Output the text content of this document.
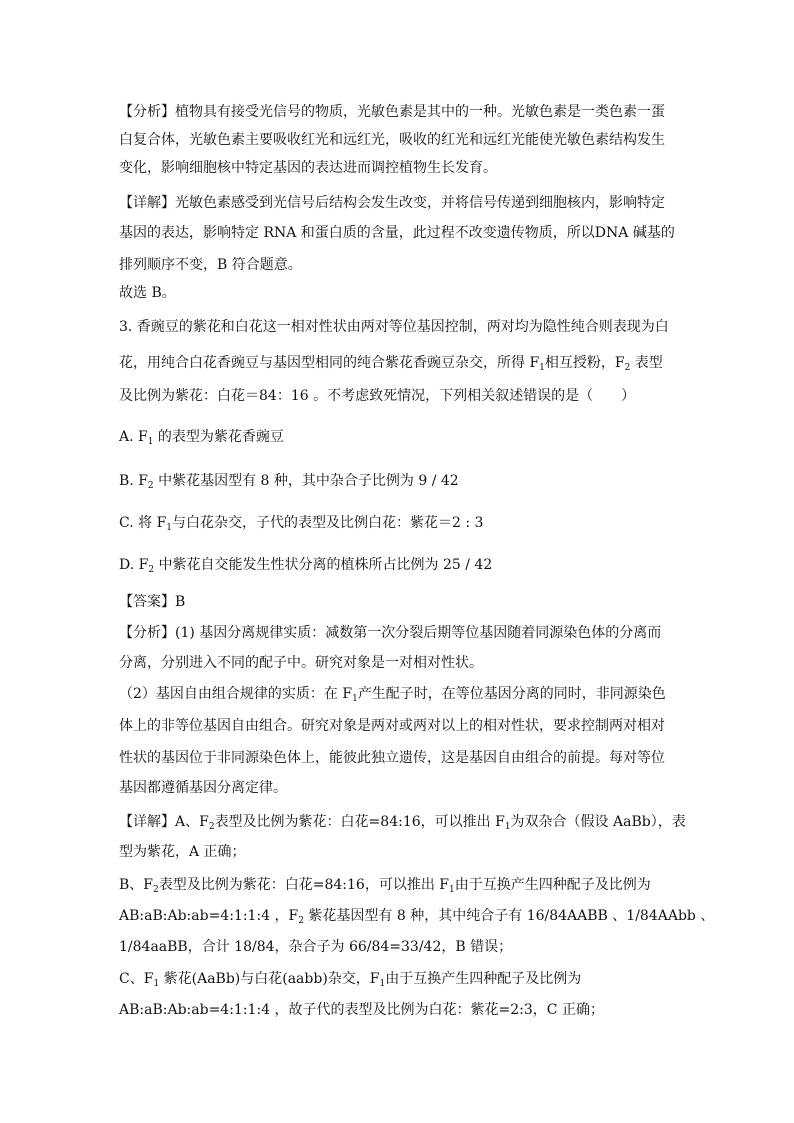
【分析】植物具有接受光信号的物质，光敏色素是其中的一种。光敏色素是一类色素一蛋
白复合体，光敏色素主要吸收红光和远红光，吸收的红光和远红光能使光敏色素结构发生
变化，影响细胞核中特定基因的表达进而调控植物生长发育。
【详解】光敏色素感受到光信号后结构会发生改变，并将信号传递到细胞核内，影响特定
基因的表达，影响特定 RNA 和蛋白质的含量，此过程不改变遗传物质，所以DNA 碱基的
排列顺序不变，B 符合题意。
故选 B。
3. 香豌豆的紫花和白花这一相对性状由两对等位基因控制，两对均为隐性纯合则表现为白
花，用纯合白花香豌豆与基因型相同的纯合紫花香豌豆杂交，所得 $F_1$相互授粉，$F_2$ 表型
及比例为紫花：白花＝84：16 。不考虑致死情况，下列相关叙述错误的是（　　）
A. $F_1$ 的表型为紫花香豌豆
B. $F_2$ 中紫花基因型有 8 种，其中杂合子比例为 9 / 42
C. 将 $F_1$与白花杂交，子代的表型及比例白花：紫花＝2 : 3
D. $F_2$ 中紫花自交能发生性状分离的植株所占比例为 25 / 42
【答案】B
【分析】(1) 基因分离规律实质：减数第一次分裂后期等位基因随着同源染色体的分离而
分离，分别进入不同的配子中。研究对象是一对相对性状。
（2）基因自由组合规律的实质：在 $F_1$产生配子时，在等位基因分离的同时，非同源染色
体上的非等位基因自由组合。研究对象是两对或两对以上的相对性状，要求控制两对相对
性状的基因位于非同源染色体上，能彼此独立遗传，这是基因自由组合的前提。每对等位
基因都遵循基因分离定律。
【详解】A、$F_2$表型及比例为紫花：白花=84:16，可以推出 $F_1$为双杂合（假设 AaBb），表
型为紫花，A 正确；
B、$F_2$表型及比例为紫花：白花=84:16，可以推出 $F_1$由于互换产生四种配子及比例为
AB:aB:Ab:ab=4:1:1:4 ，$F_2$ 紫花基因型有 8 种，其中纯合子有 16/84AABB 、1/84AAbb 、
1/84aaBB，合计 18/84，杂合子为 66/84=33/42，B 错误；
C、$F_1$ 紫花(AaBb)与白花(aabb)杂交，$F_1$由于互换产生四种配子及比例为
AB:aB:Ab:ab=4:1:1:4 ，故子代的表型及比例为白花：紫花=2:3，C 正确；
